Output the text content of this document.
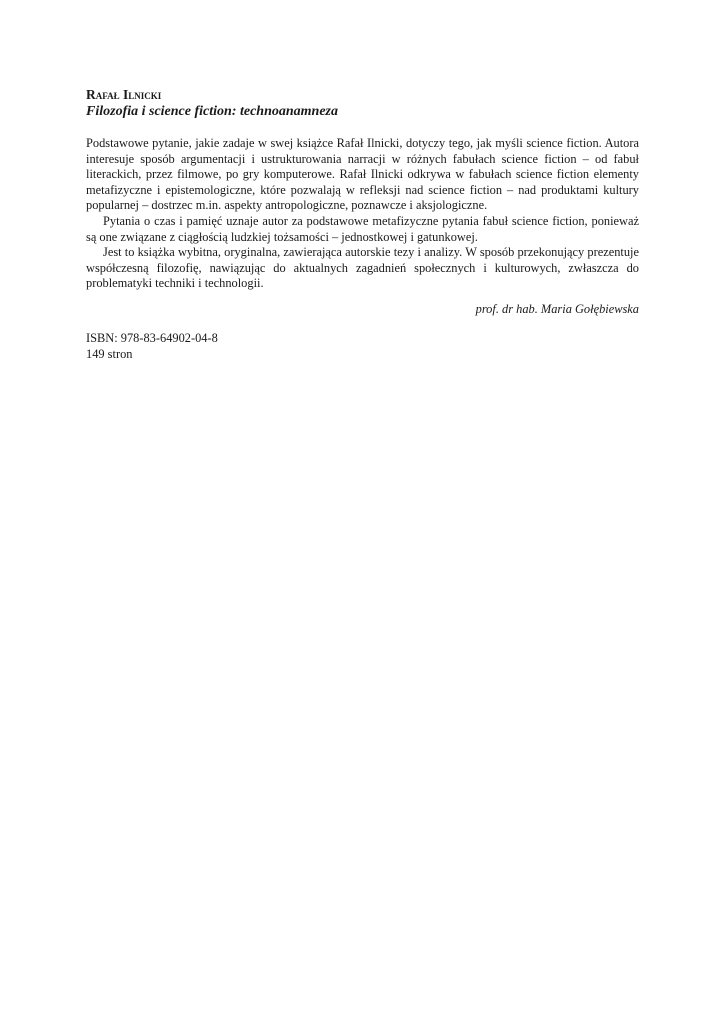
Rafał Ilnicki
Filozofia i science fiction: technoanamneza

Podstawowe pytanie, jakie zadaje w swej książce Rafał Ilnicki, dotyczy tego, jak myśli science fiction. Autora interesuje sposób argumentacji i ustrukturowania narracji w różnych fabułach science fiction – od fabuł literackich, przez filmowe, po gry komputerowe. Rafał Ilnicki odkrywa w fabułach science fiction elementy metafizyczne i epistemologiczne, które pozwalają w refleksji nad science fiction – nad produktami kultury popularnej – dostrzec m.in. aspekty antropologiczne, poznawcze i aksjologiczne.

Pytania o czas i pamięć uznaje autor za podstawowe metafizyczne pytania fabuł science fiction, ponieważ są one związane z ciągłością ludzkiej tożsamości – jednostkowej i gatunkowej.

Jest to książka wybitna, oryginalna, zawierająca autorskie tezy i analizy. W sposób przekonujący prezentuje współczesną filozofię, nawiązując do aktualnych zagadnień społecznych i kulturowych, zwłaszcza do problematyki techniki i technologii.

prof. dr hab. Maria Gołębiewska
ISBN: 978-83-64902-04-8
149 stron
